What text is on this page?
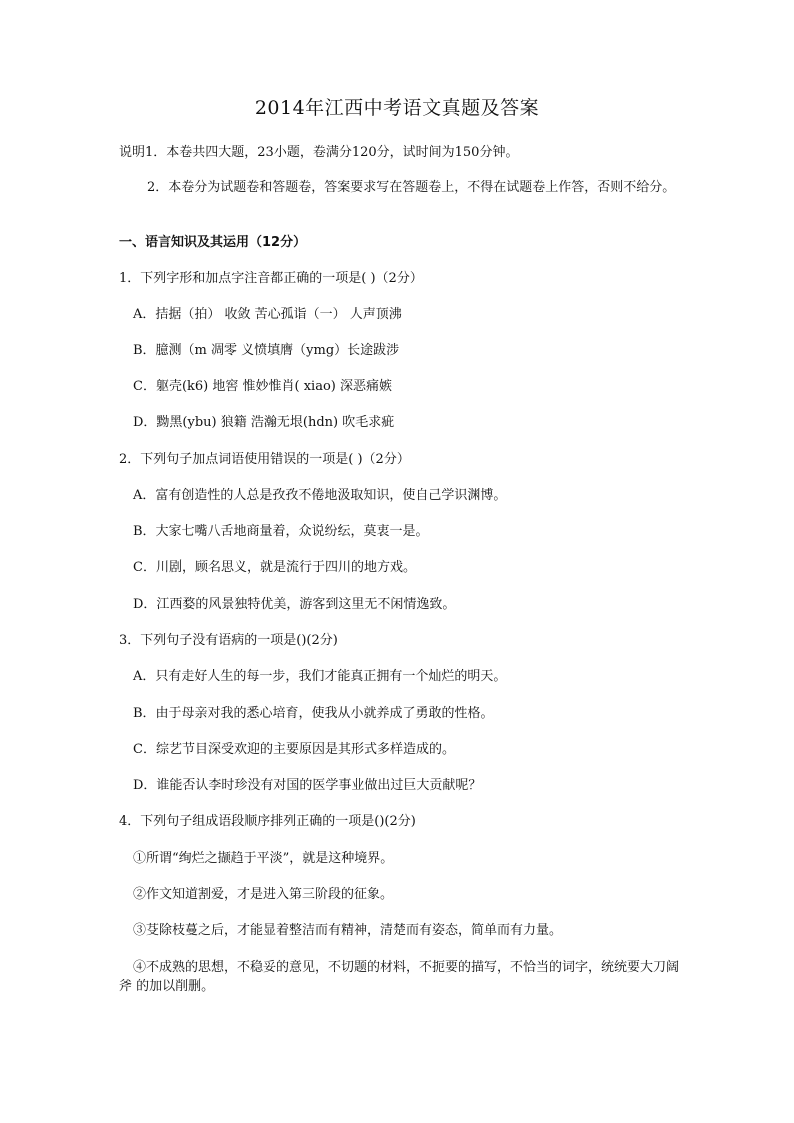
2014年江西中考语文真题及答案
说明1．本卷共四大题，23小题，卷满分120分，试时间为150分钟。
2．本卷分为试题卷和答题卷，答案要求写在答题卷上，不得在试题卷上作答，否则不给分。
一、语言知识及其运用（12分）
1．下列字形和加点字注音都正确的一项是( )（2分）
A．拮据（拍） 收敛 苦心孤诣（一） 人声顶沸
B．臆测（m 凋零 义愤填膺（ymg）长途跋涉
C．躯壳(k6) 地窖 惟妙惟肖( xiao) 深恶痛嫉
D．黝黑(ybu) 狼籍 浩瀚无垠(hdn) 吹毛求疵
2．下列句子加点词语使用错误的一项是( )（2分）
A．富有创造性的人总是孜孜不倦地汲取知识，使自己学识渊博。
B．大家七嘴八舌地商量着，众说纷纭，莫衷一是。
C．川剧，顾名思义，就是流行于四川的地方戏。
D．江西婺的风景独特优美，游客到这里无不闲情逸致。
3．下列句子没有语病的一项是()(2分)
A．只有走好人生的每一步，我们才能真正拥有一个灿烂的明天。
B．由于母亲对我的悉心培育，使我从小就养成了勇敢的性格。
C．综艺节目深受欢迎的主要原因是其形式多样造成的。
D．谁能否认李时珍没有对国的医学事业做出过巨大贡献呢？
4．下列句子组成语段顺序排列正确的一项是()(2分)
①所谓“绚烂之撷趋于平淡”，就是这种境界。
②作文知道割爱，才是进入第三阶段的征象。
③芟除枝蔓之后，才能显着整洁而有精神，清楚而有姿态，简单而有力量。
④不成熟的思想，不稳妥的意见，不切题的材料，不扼要的描写，不恰当的词字，统统要大刀阔斧 的加以削删。
